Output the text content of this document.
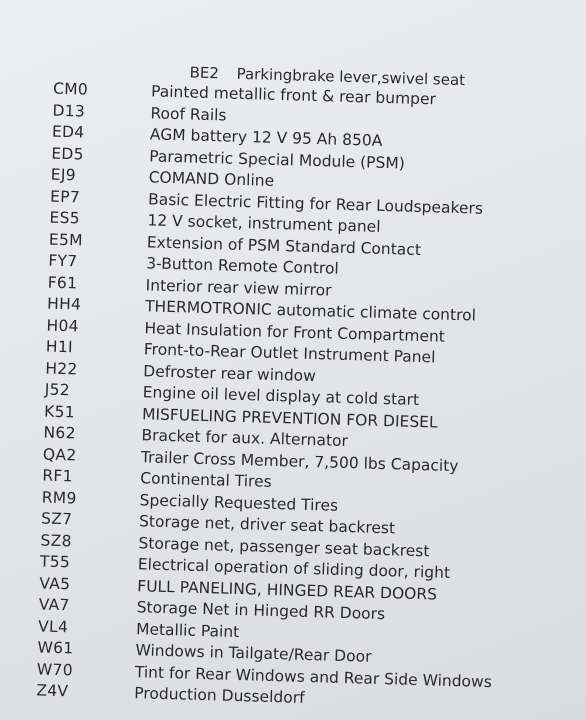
BE2 Parkingbrake lever,swivel seat
CM0	Painted metallic front & rear bumper
D13	Roof Rails
ED4	AGM battery 12 V 95 Ah 850A
ED5	Parametric Special Module (PSM)
EJ9	COMAND Online
EP7	Basic Electric Fitting for Rear Loudspeakers
ES5	12 V socket, instrument panel
E5M	Extension of PSM Standard Contact
FY7	3-Button Remote Control
F61	Interior rear view mirror
HH4	THERMOTRONIC automatic climate control
H04	Heat Insulation for Front Compartment
H1I	Front-to-Rear Outlet Instrument Panel
H22	Defroster rear window
J52	Engine oil level display at cold start
K51	MISFUELING PREVENTION FOR DIESEL
N62	Bracket for aux. Alternator
QA2	Trailer Cross Member, 7,500 lbs Capacity
RF1	Continental Tires
RM9	Specially Requested Tires
SZ7	Storage net, driver seat backrest
SZ8	Storage net, passenger seat backrest
T55	Electrical operation of sliding door, right
VA5	FULL PANELING, HINGED REAR DOORS
VA7	Storage Net in Hinged RR Doors
VL4	Metallic Paint
W61	Windows in Tailgate/Rear Door
W70	Tint for Rear Windows and Rear Side Windows
Z4V	Production Dusseldorf
